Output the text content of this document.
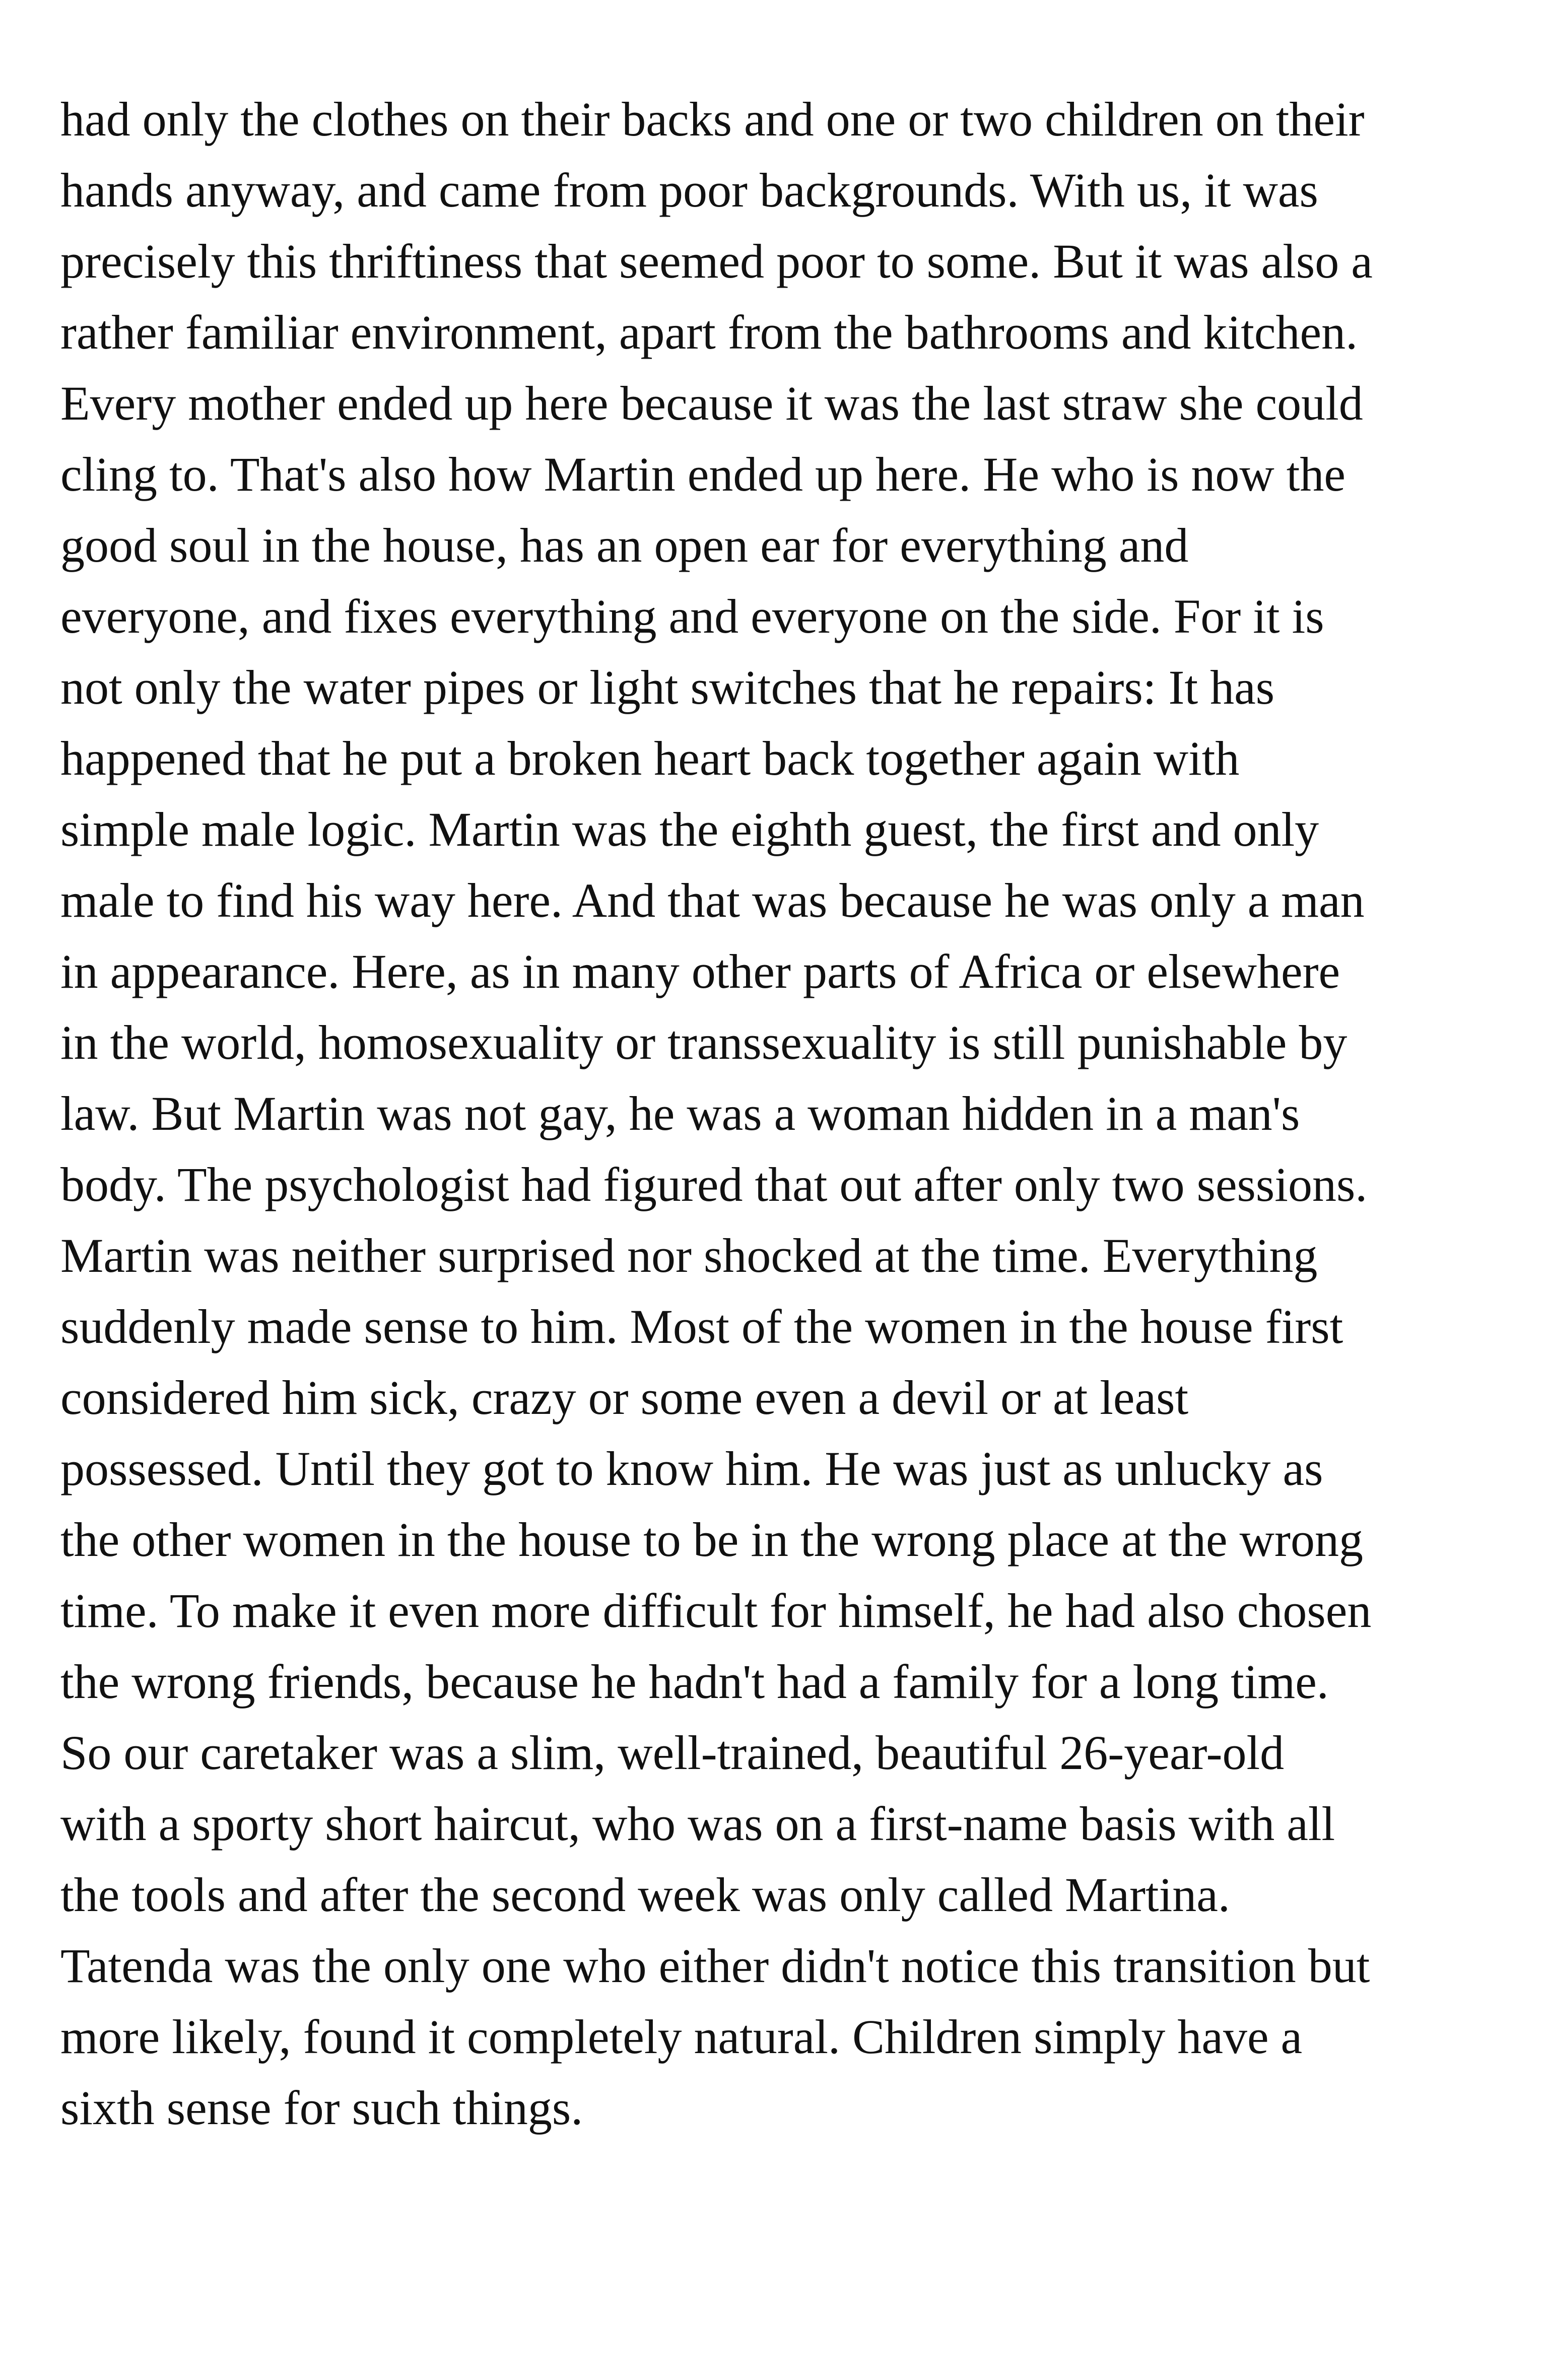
had only the clothes on their backs and one or two children on their
hands anyway, and came from poor backgrounds. With us, it was
precisely this thriftiness that seemed poor to some. But it was also a
rather familiar environment, apart from the bathrooms and kitchen.
Every mother ended up here because it was the last straw she could
cling to. That's also how Martin ended up here. He who is now the
good soul in the house, has an open ear for everything and
everyone, and fixes everything and everyone on the side. For it is
not only the water pipes or light switches that he repairs: It has
happened that he put a broken heart back together again with
simple male logic. Martin was the eighth guest, the first and only
male to find his way here. And that was because he was only a man
in appearance. Here, as in many other parts of Africa or elsewhere
in the world, homosexuality or transsexuality is still punishable by
law. But Martin was not gay, he was a woman hidden in a man's
body. The psychologist had figured that out after only two sessions.
Martin was neither surprised nor shocked at the time. Everything
suddenly made sense to him. Most of the women in the house first
considered him sick, crazy or some even a devil or at least
possessed. Until they got to know him. He was just as unlucky as
the other women in the house to be in the wrong place at the wrong
time. To make it even more difficult for himself, he had also chosen
the wrong friends, because he hadn't had a family for a long time.
So our caretaker was a slim, well-trained, beautiful 26-year-old
with a sporty short haircut, who was on a first-name basis with all
the tools and after the second week was only called Martina.
Tatenda was the only one who either didn't notice this transition but
more likely, found it completely natural. Children simply have a
sixth sense for such things.
